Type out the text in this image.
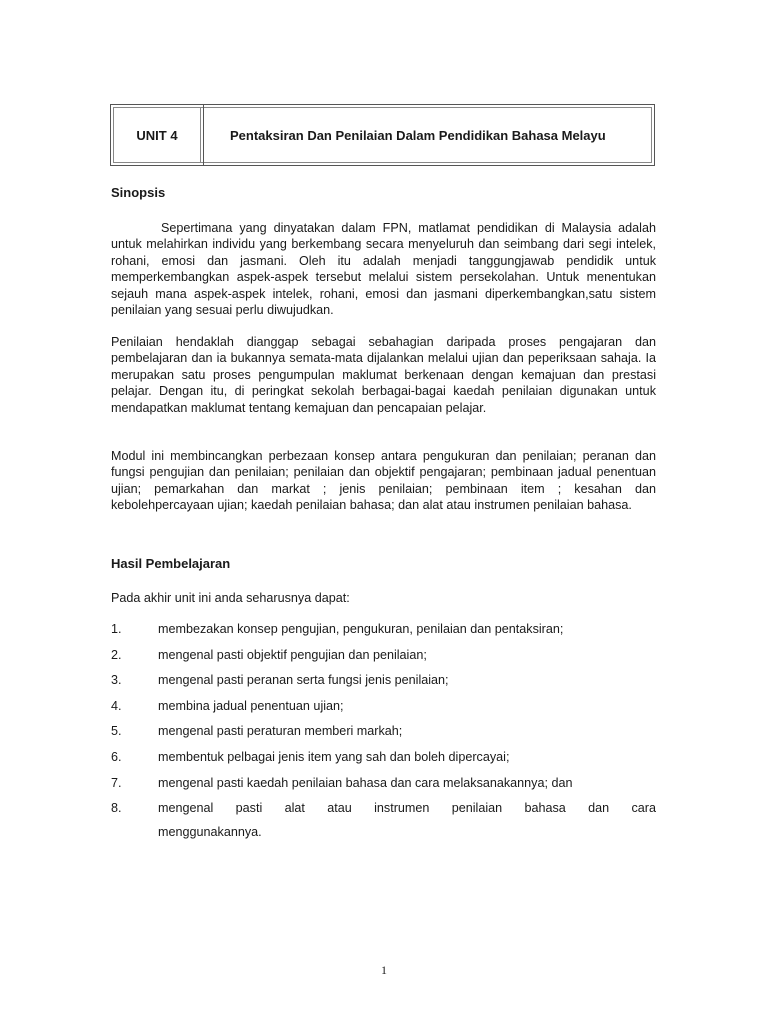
UNIT 4	Pentaksiran Dan Penilaian Dalam Pendidikan Bahasa Melayu
Sinopsis

Sepertimana yang dinyatakan dalam FPN, matlamat pendidikan di Malaysia adalah untuk melahirkan individu yang berkembang secara menyeluruh dan seimbang dari segi intelek, rohani, emosi dan jasmani. Oleh itu adalah menjadi tanggungjawab pendidik untuk memperkembangkan aspek-aspek tersebut melalui sistem persekolahan. Untuk menentukan sejauh mana aspek-aspek intelek, rohani, emosi dan jasmani diperkembangkan,satu sistem penilaian yang sesuai perlu diwujudkan.

Penilaian hendaklah dianggap sebagai sebahagian daripada proses pengajaran dan pembelajaran dan ia bukannya semata-mata dijalankan melalui ujian dan peperiksaan sahaja. Ia merupakan satu proses pengumpulan maklumat berkenaan dengan kemajuan dan prestasi pelajar. Dengan itu, di peringkat sekolah berbagai-bagai kaedah penilaian digunakan untuk mendapatkan maklumat tentang kemajuan dan pencapaian pelajar.

Modul ini membincangkan perbezaan konsep antara pengukuran dan penilaian; peranan dan fungsi pengujian dan penilaian; penilaian dan objektif pengajaran; pembinaan jadual penentuan ujian; pemarkahan dan markat ; jenis penilaian; pembinaan item ; kesahan dan kebolehpercayaan ujian; kaedah penilaian bahasa; dan alat atau instrumen penilaian bahasa.

Hasil Pembelajaran
Pada akhir unit ini anda seharusnya dapat:
1.	membezakan konsep pengujian, pengukuran, penilaian dan pentaksiran;
2.	mengenal pasti objektif pengujian dan penilaian;
3.	mengenal pasti peranan serta fungsi jenis penilaian;
4.	membina jadual penentuan ujian;
5.	mengenal pasti peraturan memberi markah;
6.	membentuk pelbagai jenis item yang sah dan boleh dipercayai;
7.	mengenal pasti kaedah penilaian bahasa dan cara melaksanakannya; dan
8.	mengenal pasti alat atau instrumen penilaian bahasa dan cara
menggunakannya.
1
